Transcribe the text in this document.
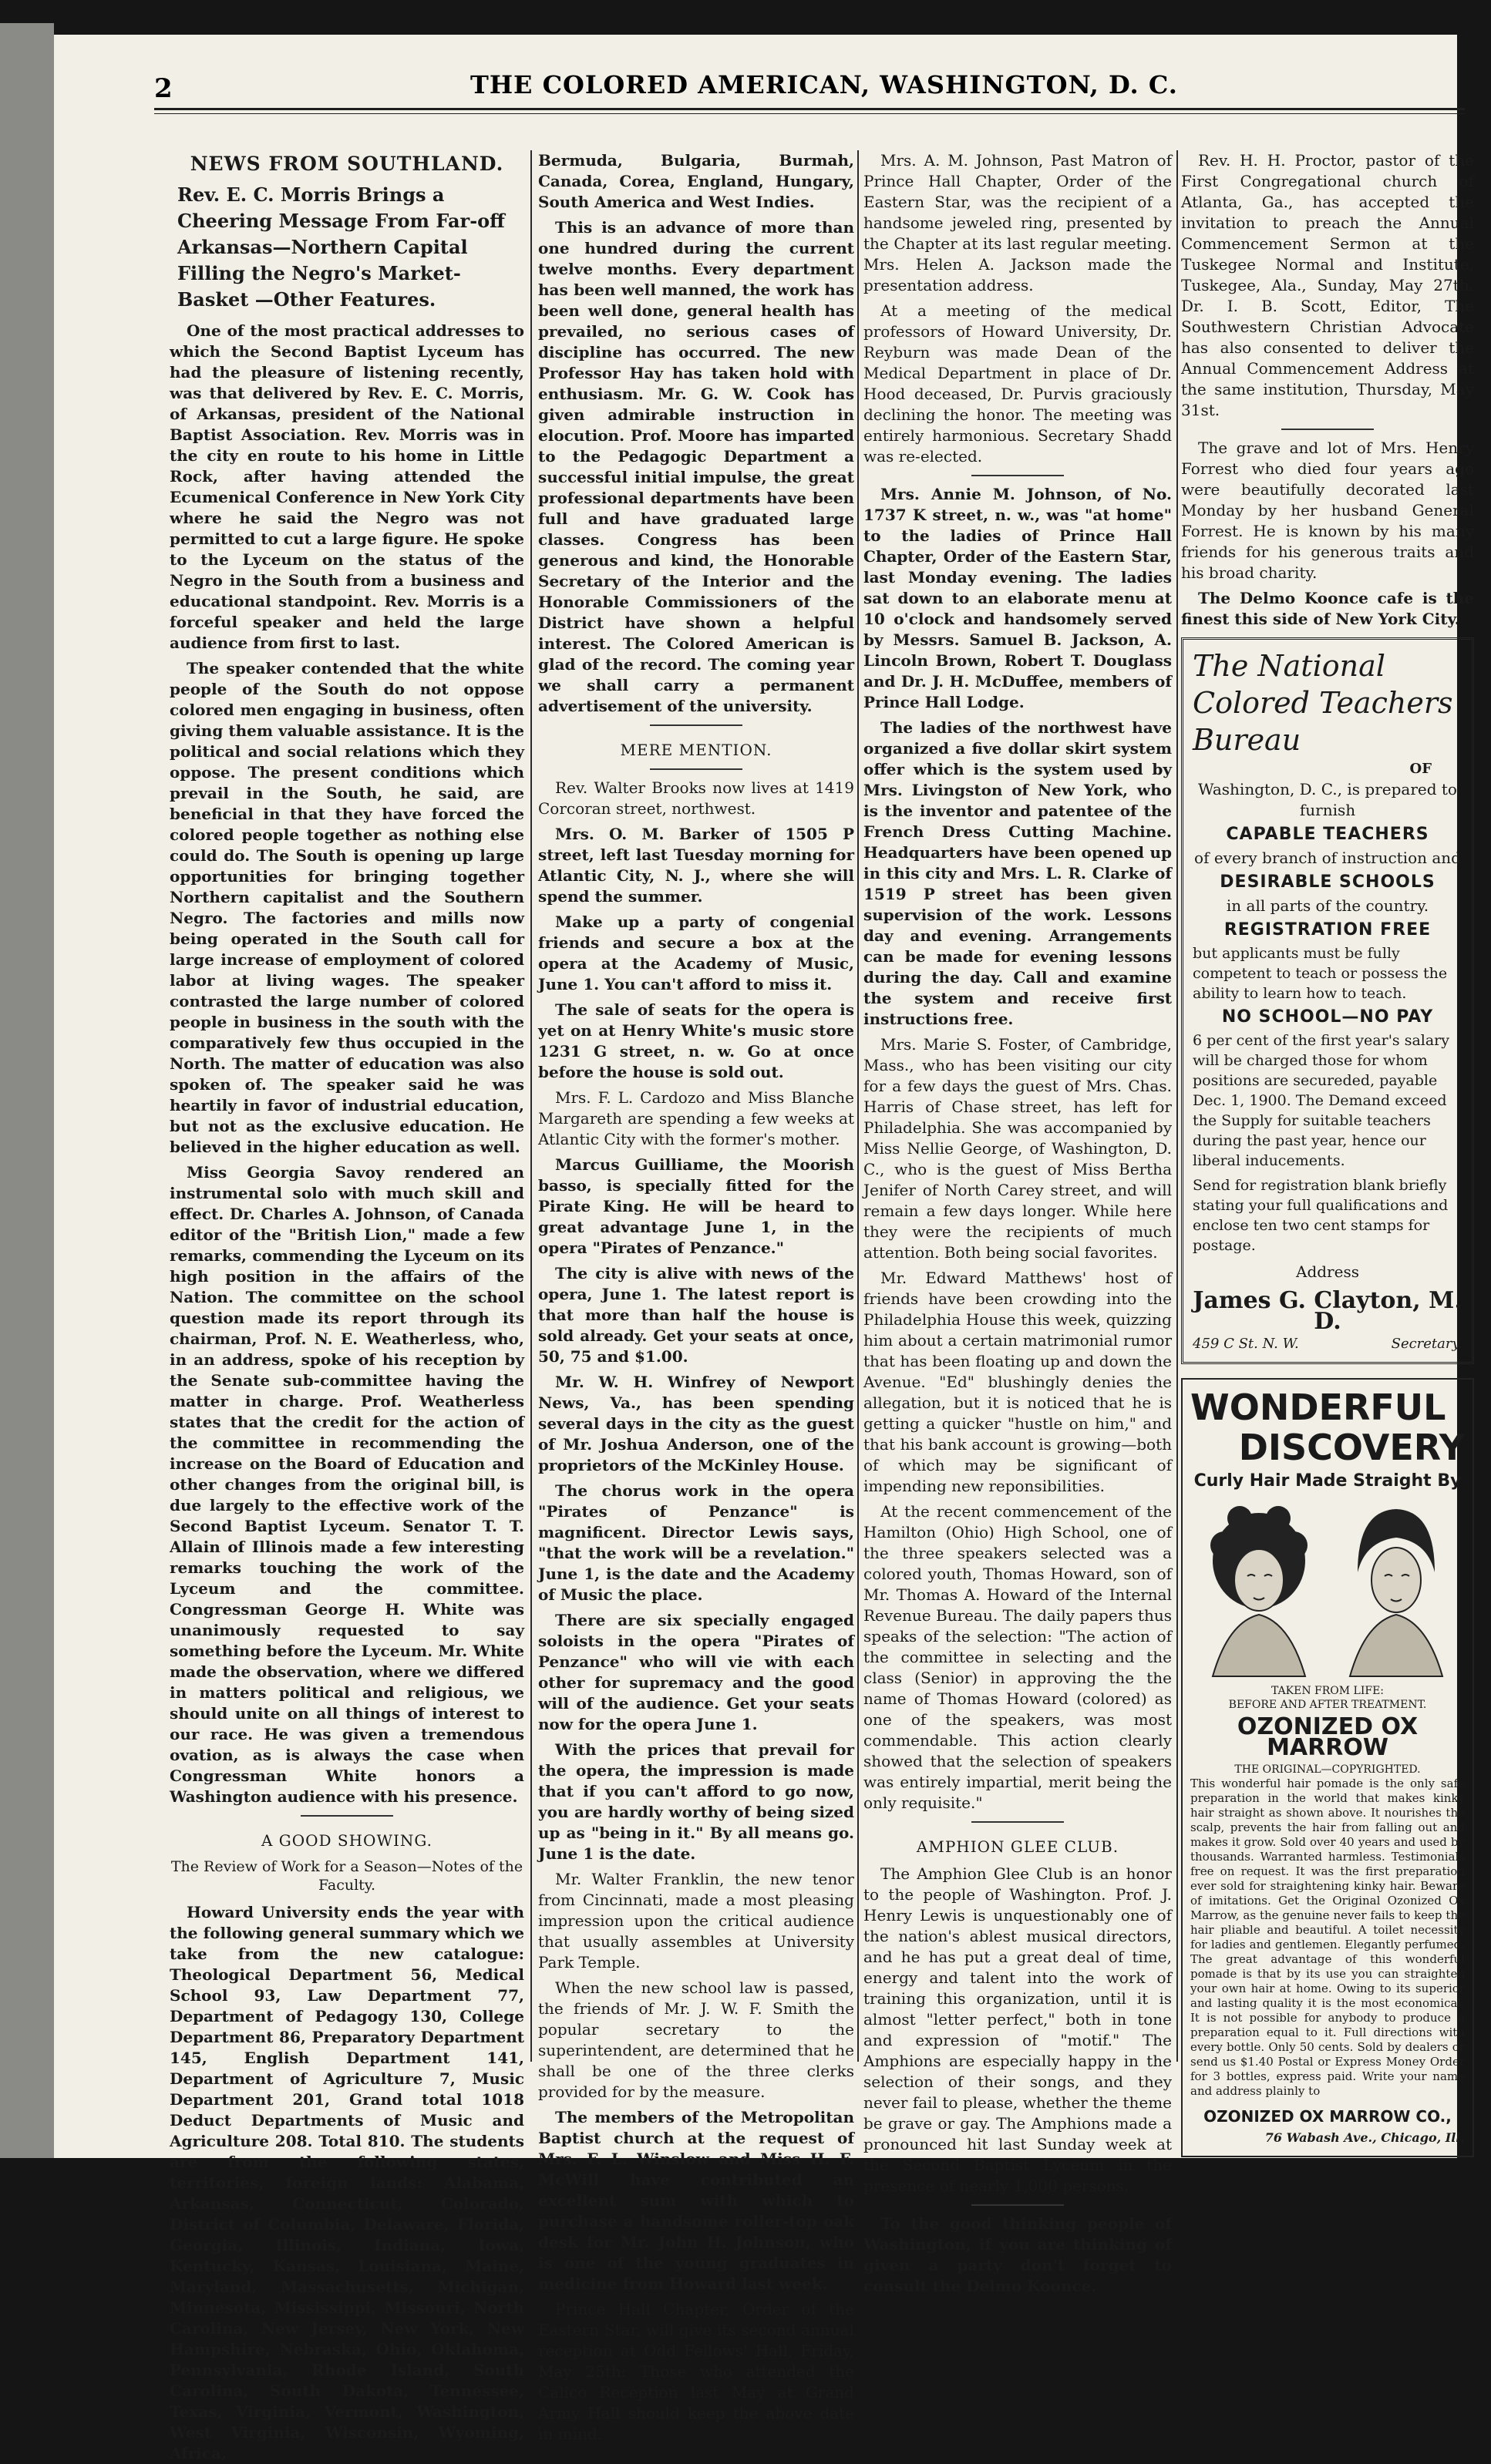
2	THE COLORED AMERICAN, WASHINGTON, D. C.
NEWS FROM SOUTHLAND.
Rev. E. C. Morris Brings a Cheering Message From Far-off Arkansas—Northern Capital Filling the Negro's Market-Basket —Other Features.

One of the most practical addresses to which the Second Baptist Lyceum has had the pleasure of listening recently, was that delivered by Rev. E. C. Morris, of Arkansas, president of the National Baptist Association. Rev. Morris was in the city en route to his home in Little Rock, after having attended the Ecumenical Conference in New York City where he said the Negro was not permitted to cut a large figure. He spoke to the Lyceum on the status of the Negro in the South from a business and educational standpoint. Rev. Morris is a forceful speaker and held the large audience from first to last.

The speaker contended that the white people of the South do not oppose colored men engaging in business, often giving them valuable assistance. It is the political and social relations which they oppose. The present conditions which prevail in the South, he said, are beneficial in that they have forced the colored people together as nothing else could do. The South is opening up large opportunities for bringing together Northern capitalist and the Southern Negro. The factories and mills now being operated in the South call for large increase of employment of colored labor at living wages. The speaker contrasted the large number of colored people in business in the south with the comparatively few thus occupied in the North. The matter of education was also spoken of. The speaker said he was heartily in favor of industrial education, but not as the exclusive education. He believed in the higher education as well.

Miss Georgia Savoy rendered an instrumental solo with much skill and effect. Dr. Charles A. Johnson, of Canada editor of the "British Lion," made a few remarks, commending the Lyceum on its high position in the affairs of the Nation. The committee on the school question made its report through its chairman, Prof. N. E. Weatherless, who, in an address, spoke of his reception by the Senate sub-committee having the matter in charge. Prof. Weatherless states that the credit for the action of the committee in recommending the increase on the Board of Education and other changes from the original bill, is due largely to the effective work of the Second Baptist Lyceum. Senator T. T. Allain of Illinois made a few interesting remarks touching the work of the Lyceum and the committee. Congressman George H. White was unanimously requested to say something before the Lyceum. Mr. White made the observation, where we differed in matters political and religious, we should unite on all things of interest to our race. He was given a tremendous ovation, as is always the case when Congressman White honors a Washington audience with his presence.

A GOOD SHOWING.
The Review of Work for a Season—Notes of the Faculty.

Howard University ends the year with the following general summary which we take from the new catalogue: Theological Department 56, Medical School 93, Law Department 77, Department of Pedagogy 130, College Department 86, Preparatory Department 145, English Department 141, Department of Agriculture 7, Music Department 201, Grand total 1018 Deduct Departments of Music and Agriculture 208. Total 810. The students are from the following states, territories, foreign lands: Alabama, Arkansas, Connecticut, Colorado, District of Columbia, Delaware, Florida, Georgia, Illinois, Indiana, Iowa, Kentucky, Kansas, Louisiana, Maine, Maryland, Massachusetts, Michigan, Minnesota, Mississippi, Missouri, North Carolina, New Jersey, New York, New Hampshire, Nebraska, Ohio, Oklahoma, Pennsylvania, Rhode Island, South Carolina, South Dakota, Tennessee, Texas, Virginia, Vermont, Washington, West Virginia, Wisconsin, Wyoming, Africa,

Bermuda, Bulgaria, Burmah, Canada, Corea, England, Hungary, South America and West Indies.

This is an advance of more than one hundred during the current twelve months. Every department has been well manned, the work has been well done, general health has prevailed, no serious cases of discipline has occurred. The new Professor Hay has taken hold with enthusiasm. Mr. G. W. Cook has given admirable instruction in elocution. Prof. Moore has imparted to the Pedagogic Department a successful initial impulse, the great professional departments have been full and have graduated large classes. Congress has been generous and kind, the Honorable Secretary of the Interior and the Honorable Commissioners of the District have shown a helpful interest. The Colored American is glad of the record. The coming year we shall carry a permanent advertisement of the university.

MERE MENTION.

Rev. Walter Brooks now lives at 1419 Corcoran street, northwest.

Mrs. O. M. Barker of 1505 P street, left last Tuesday morning for Atlantic City, N. J., where she will spend the summer.

Make up a party of congenial friends and secure a box at the opera at the Academy of Music, June 1. You can't afford to miss it.

The sale of seats for the opera is yet on at Henry White's music store 1231 G street, n. w. Go at once before the house is sold out.

Mrs. F. L. Cardozo and Miss Blanche Margareth are spending a few weeks at Atlantic City with the former's mother.

Marcus Guilliame, the Moorish basso, is specially fitted for the Pirate King. He will be heard to great advantage June 1, in the opera "Pirates of Penzance."

The city is alive with news of the opera, June 1. The latest report is that more than half the house is sold already. Get your seats at once, 50, 75 and $1.00.

Mr. W. H. Winfrey of Newport News, Va., has been spending several days in the city as the guest of Mr. Joshua Anderson, one of the proprietors of the McKinley House.

The chorus work in the opera "Pirates of Penzance" is magnificent. Director Lewis says, "that the work will be a revelation." June 1, is the date and the Academy of Music the place.

There are six specially engaged soloists in the opera "Pirates of Penzance" who will vie with each other for supremacy and the good will of the audience. Get your seats now for the opera June 1.

With the prices that prevail for the opera, the impression is made that if you can't afford to go now, you are hardly worthy of being sized up as "being in it." By all means go. June 1 is the date.

Mr. Walter Franklin, the new tenor from Cincinnati, made a most pleasing impression upon the critical audience that usually assembles at University Park Temple.

When the new school law is passed, the friends of Mr. J. W. F. Smith the popular secretary to the superintendent, are determined that he shall be one of the three clerks provided for by the measure.

The members of the Metropolitan Baptist church at the request of Mrs. F. L. Winslow and Miss H. F. McWill have contributed an excellent sum with which to purchase a handsome roller-top oak desk for Mr. John H. Johnson, who is one of the young graduates in medicine from Howard last week.

Prince Hall Chapter, Order of the Eastern Star, will give its second annual reception at Odd Fellows' Hall, Friday, May 25th: Those who attended the Calico Reception last May at Grand Army Hall should keep the above date in mind.

Mrs. A. M. Johnson, Past Matron of Prince Hall Chapter, Order of the Eastern Star, was the recipient of a handsome jeweled ring, presented by the Chapter at its last regular meeting. Mrs. Helen A. Jackson made the presentation address.

At a meeting of the medical professors of Howard University, Dr. Reyburn was made Dean of the Medical Department in place of Dr. Hood deceased, Dr. Purvis graciously declining the honor. The meeting was entirely harmonious. Secretary Shadd was re-elected.

Mrs. Annie M. Johnson, of No. 1737 K street, n. w., was "at home" to the ladies of Prince Hall Chapter, Order of the Eastern Star, last Monday evening. The ladies sat down to an elaborate menu at 10 o'clock and handsomely served by Messrs. Samuel B. Jackson, A. Lincoln Brown, Robert T. Douglass and Dr. J. H. McDuffee, members of Prince Hall Lodge.

The ladies of the northwest have organized a five dollar skirt system offer which is the system used by Mrs. Livingston of New York, who is the inventor and patentee of the French Dress Cutting Machine. Headquarters have been opened up in this city and Mrs. L. R. Clarke of 1519 P street has been given supervision of the work. Lessons day and evening. Arrangements can be made for evening lessons during the day. Call and examine the system and receive first instructions free.

Mrs. Marie S. Foster, of Cambridge, Mass., who has been visiting our city for a few days the guest of Mrs. Chas. Harris of Chase street, has left for Philadelphia. She was accompanied by Miss Nellie George, of Washington, D. C., who is the guest of Miss Bertha Jenifer of North Carey street, and will remain a few days longer. While here they were the recipients of much attention. Both being social favorites.

Mr. Edward Matthews' host of friends have been crowding into the Philadelphia House this week, quizzing him about a certain matrimonial rumor that has been floating up and down the Avenue. "Ed" blushingly denies the allegation, but it is noticed that he is getting a quicker "hustle on him," and that his bank account is growing—both of which may be significant of impending new reponsibilities.

At the recent commencement of the Hamilton (Ohio) High School, one of the three speakers selected was a colored youth, Thomas Howard, son of Mr. Thomas A. Howard of the Internal Revenue Bureau. The daily papers thus speaks of the selection: "The action of the committee in selecting and the class (Senior) in approving the the name of Thomas Howard (colored) as one of the speakers, was most commendable. This action clearly showed that the selection of speakers was entirely impartial, merit being the only requisite."

AMPHION GLEE CLUB.

The Amphion Glee Club is an honor to the people of Washington. Prof. J. Henry Lewis is unquestionably one of the nation's ablest musical directors, and he has put a great deal of time, energy and talent into the work of training this organization, until it is almost "letter perfect," both in tone and expression of "motif." The Amphions are especially happy in the selection of their songs, and they never fail to please, whether the theme be grave or gay. The Amphions made a pronounced hit last Sunday week at the Second Baptist Lyceum in the presence of nearly 1,000 persons.

To the good thinking people of Washington, if you are thinking of given a party don't forget to consult the Delmo Koonce.

Rev. H. H. Proctor, pastor of the First Congregational church of Atlanta, Ga., has accepted the invitation to preach the Annual Commencement Sermon at the Tuskegee Normal and Institute, Tuskegee, Ala., Sunday, May 27th. Dr. I. B. Scott, Editor, The Southwestern Christian Advocate has also consented to deliver the Annual Commencement Address at the same institution, Thursday, May 31st.

The grave and lot of Mrs. Henry Forrest who died four years ago were beautifully decorated last Monday by her husband General Forrest. He is known by his many friends for his generous traits and his broad charity.

The Delmo Koonce cafe is the finest this side of New York City.

The National Colored Teachers Bureau
OF
Washington, D. C., is prepared to furnish
CAPABLE TEACHERS
of every branch of instruction and
DESIRABLE SCHOOLS
in all parts of the country.
REGISTRATION FREE
but applicants must be fully competent to teach or possess the ability to learn how to teach.
NO SCHOOL—NO PAY
6 per cent of the first year's salary will be charged those for whom positions are secureded, payable Dec. 1, 1900. The Demand exceed the Supply for suitable teachers during the past year, hence our liberal inducements.
Send for registration blank briefly stating your full qualifications and enclose ten two cent stamps for postage.
Address
James G. Clayton, M. D.
459 C St. N. W.	Secretary.
WONDERFUL
DISCOVERY
Curly Hair Made Straight By
TAKEN FROM LIFE:
BEFORE AND AFTER TREATMENT.
OZONIZED OX MARROW
THE ORIGINAL—COPYRIGHTED.
This wonderful hair pomade is the only safe preparation in the world that makes kinky hair straight as shown above. It nourishes the scalp, prevents the hair from falling out and makes it grow. Sold over 40 years and used by thousands. Warranted harmless. Testimonials free on request. It was the first preparation ever sold for straightening kinky hair. Beware of imitations. Get the Original Ozonized Ox Marrow, as the genuine never fails to keep the hair pliable and beautiful. A toilet necessity for ladies and gentlemen. Elegantly perfumed. The great advantage of this wonderful pomade is that by its use you can straighten your own hair at home. Owing to its superior and lasting quality it is the most economical. It is not possible for anybody to produce a preparation equal to it. Full directions with every bottle. Only 50 cents. Sold by dealers or send us $1.40 Postal or Express Money Order for 3 bottles, express paid. Write your name and address plainly to
OZONIZED OX MARROW CO.,
76 Wabash Ave., Chicago, Ill.
